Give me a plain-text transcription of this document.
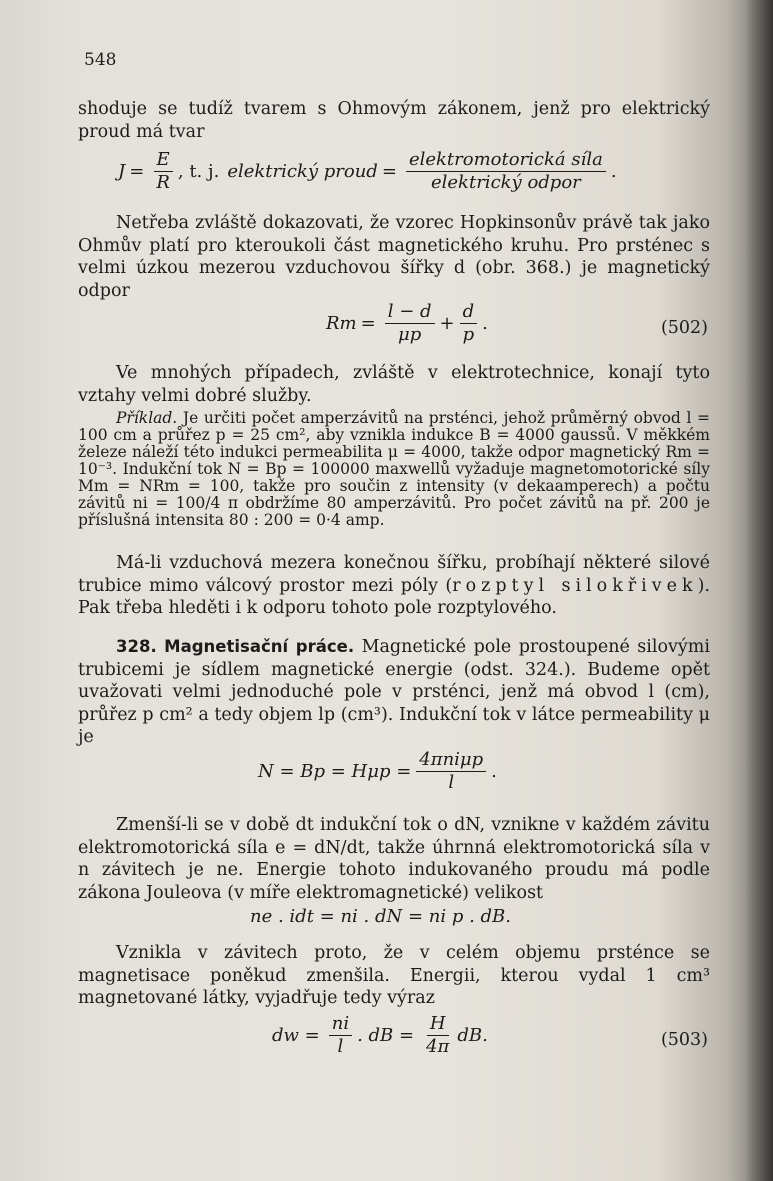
548

shoduje se tudíž tvarem s Ohmovým zákonem, jenž pro elektrický proud má tvar

$J = \frac{E}{R}$ , t. j. elektrický proud = $\frac{\text{elektromotorická síla}}{\text{elektrický odpor}}$ .

Netřeba zvláště dokazovati, že vzorec Hopkinsonův právě tak jako Ohmův platí pro kteroukoli část magnetického kruhu. Pro prsténec s velmi úzkou mezerou vzduchovou šířky d (obr. 368.) je magnetický odpor

$Rm = \frac{l - d}{\mu p} + \frac{d}{p}$ .	(502)

Ve mnohých případech, zvláště v elektrotechnice, konají tyto vztahy velmi dobré služby.

Příklad. Je určiti počet amperzávitů na prsténci, jehož průměrný obvod l = 100 cm a průřez p = 25 cm², aby vznikla indukce B = 4000 gaussů. V měkkém železe náleží této indukci permeabilita μ = 4000, takže odpor magnetický Rm = 10⁻³. Indukční tok N = Bp = 100000 maxwellů vyžaduje magnetomotorické síly Mm = NRm = 100, takže pro součin z intensity (v dekaamperech) a počtu závitů ni = 100/4 π obdržíme 80 amperzávitů. Pro počet závitů na př. 200 je příslušná intensita 80 : 200 = 0·4 amp.

Má-li vzduchová mezera konečnou šířku, probíhají některé silové trubice mimo válcový prostor mezi póly (rozptyl silokřivek). Pak třeba hleděti i k odporu tohoto pole rozptylového.

328. Magnetisační práce. Magnetické pole prostoupené silovými trubicemi je sídlem magnetické energie (odst. 324.). Budeme opět uvažovati velmi jednoduché pole v prsténci, jenž má obvod l (cm), průřez p cm² a tedy objem lp (cm³). Indukční tok v látce permeability μ je

$N = Bp = H\mu p = \frac{\text{4πniμp}}{l}$ .

Zmenší-li se v době dt indukční tok o dN, vznikne v každém závitu elektromotorická síla e = dN/dt, takže úhrnná elektromotorická síla v n závitech je ne. Energie tohoto indukovaného proudu má podle zákona Jouleova (v míře elektromagnetické) velikost

ne . idt = ni . dN = ni p . dB.

Vznikla v závitech proto, že v celém objemu prsténce se magnetisace poněkud zmenšila. Energii, kterou vydal 1 cm³ magnetované látky, vyjadřuje tedy výraz

dw = $\frac{ni}{l}$ . dB = $\frac{H}{4\pi}$ dB.	(503)
